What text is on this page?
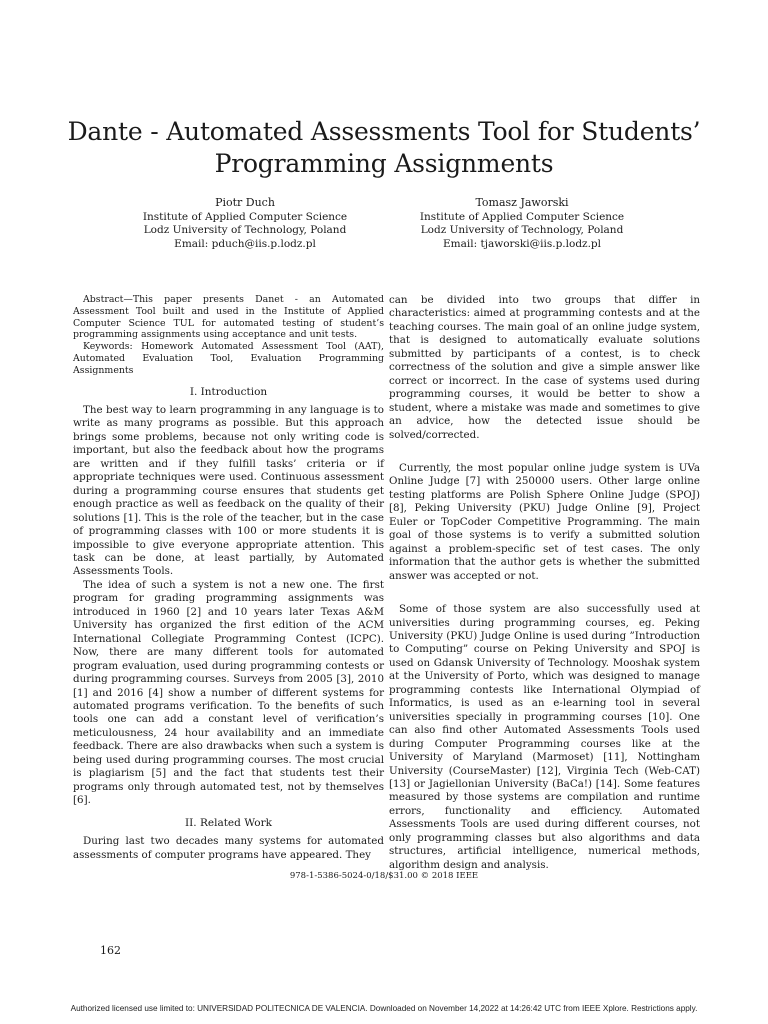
Dante - Automated Assessments Tool for Students’ Programming Assignments
Piotr Duch
Institute of Applied Computer Science
Lodz University of Technology, Poland
Email: pduch@iis.p.lodz.pl
Tomasz Jaworski
Institute of Applied Computer Science
Lodz University of Technology, Poland
Email: tjaworski@iis.p.lodz.pl

Abstract—This paper presents Danet - an Automated Assessment Tool built and used in the Institute of Applied Computer Science TUL for automated testing of student’s programming assignments using acceptance and unit tests.

Keywords: Homework Automated Assessment Tool (AAT), Automated Evaluation Tool, Evaluation Programming Assignments

I. Introduction

The best way to learn programming in any language is to write as many programs as possible. But this approach brings some problems, because not only writing code is important, but also the feedback about how the programs are written and if they fulfill tasks’ criteria or if appropriate techniques were used. Continuous assessment during a programming course ensures that students get enough practice as well as feedback on the quality of their solutions [1]. This is the role of the teacher, but in the case of programming classes with 100 or more students it is impossible to give everyone appropriate attention. This task can be done, at least partially, by Automated Assessments Tools.

The idea of such a system is not a new one. The first program for grading programming assignments was introduced in 1960 [2] and 10 years later Texas A&M University has organized the first edition of the ACM International Collegiate Programming Contest (ICPC). Now, there are many different tools for automated program evaluation, used during programming contests or during programming courses. Surveys from 2005 [3], 2010 [1] and 2016 [4] show a number of different systems for automated programs verification. To the benefits of such tools one can add a constant level of verification’s meticulousness, 24 hour availability and an immediate feedback. There are also drawbacks when such a system is being used during programming courses. The most crucial is plagiarism [5] and the fact that students test their programs only through automated test, not by themselves [6].

II. Related Work

During last two decades many systems for automated assessments of computer programs have appeared. They

can be divided into two groups that differ in characteristics: aimed at programming contests and at the teaching courses. The main goal of an online judge system, that is designed to automatically evaluate solutions submitted by participants of a contest, is to check correctness of the solution and give a simple answer like correct or incorrect. In the case of systems used during programming courses, it would be better to show a student, where a mistake was made and sometimes to give an advice, how the detected issue should be solved/corrected.

Currently, the most popular online judge system is UVa Online Judge [7] with 250000 users. Other large online testing platforms are Polish Sphere Online Judge (SPOJ) [8], Peking University (PKU) Judge Online [9], Project Euler or TopCoder Competitive Programming. The main goal of those systems is to verify a submitted solution against a problem-specific set of test cases. The only information that the author gets is whether the submitted answer was accepted or not.

Some of those system are also successfully used at universities during programming courses, eg. Peking University (PKU) Judge Online is used during ”Introduction to Computing” course on Peking University and SPOJ is used on Gdansk University of Technology. Mooshak system at the University of Porto, which was designed to manage programming contests like International Olympiad of Informatics, is used as an e-learning tool in several universities specially in programming courses [10]. One can also find other Automated Assessments Tools used during Computer Programming courses like at the University of Maryland (Marmoset) [11], Nottingham University (CourseMaster) [12], Virginia Tech (Web-CAT) [13] or Jagiellonian University (BaCa!) [14]. Some features measured by those systems are compilation and runtime errors, functionality and efficiency. Automated Assessments Tools are used during different courses, not only programming classes but also algorithms and data structures, artificial intelligence, numerical methods, algorithm design and analysis.

978-1-5386-5024-0/18/$31.00 © 2018 IEEE
162
Authorized licensed use limited to: UNIVERSIDAD POLITECNICA DE VALENCIA. Downloaded on November 14,2022 at 14:26:42 UTC from IEEE Xplore. Restrictions apply.
